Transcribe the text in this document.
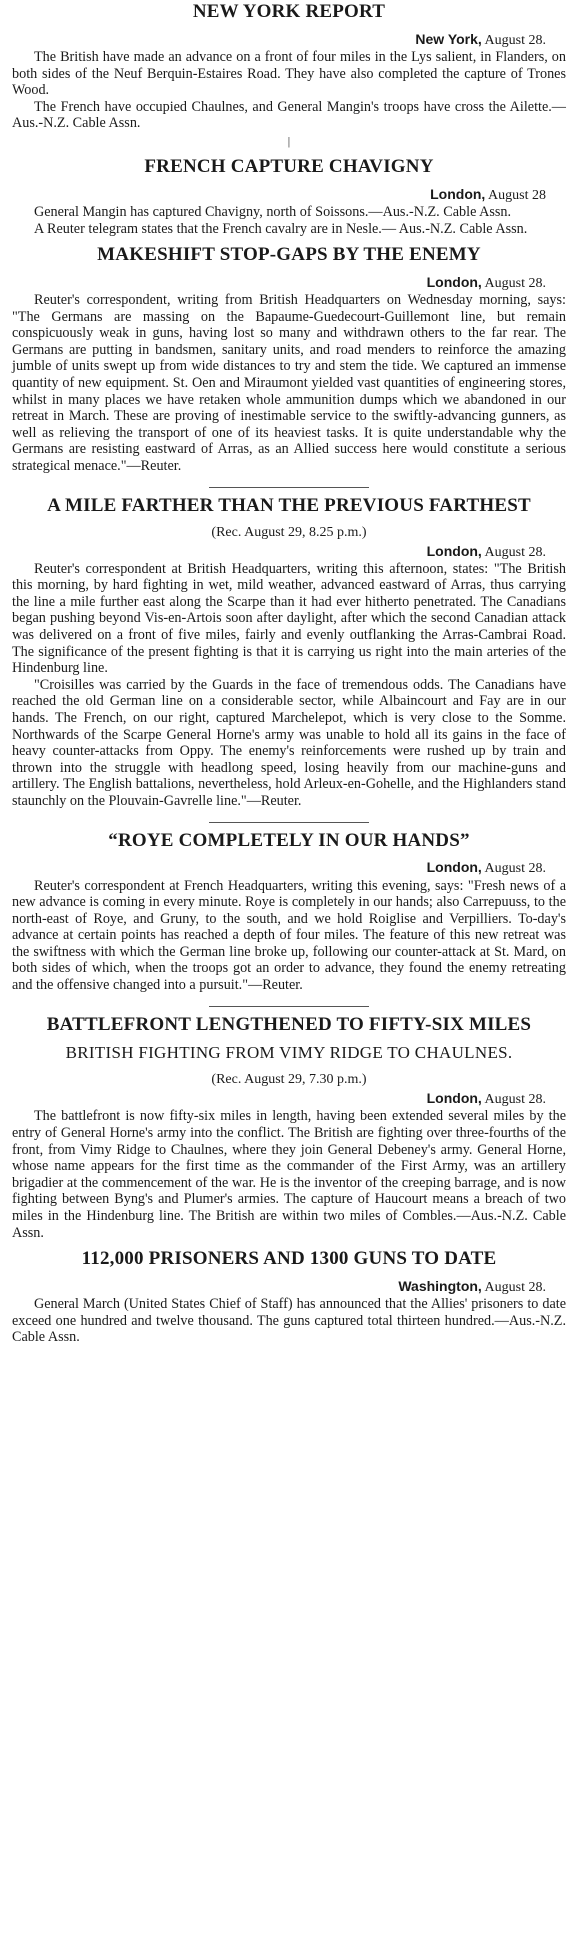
NEW YORK REPORT
New York, August 28.

The British have made an advance on a front of four miles in the Lys salient, in Flanders, on both sides of the Neuf Berquin-Estaires Road. They have also completed the capture of Trones Wood.

The French have occupied Chaulnes, and General Mangin's troops have cross the Ailette.—Aus.-N.Z. Cable Assn.

|
FRENCH CAPTURE CHAVIGNY
London, August 28

General Mangin has captured Chavigny, north of Soissons.—Aus.-N.Z. Cable Assn.

A Reuter telegram states that the French cavalry are in Nesle.— Aus.-N.Z. Cable Assn.

MAKESHIFT STOP-GAPS BY THE ENEMY
London, August 28.

Reuter's correspondent, writing from British Headquarters on Wednesday morning, says: "The Germans are massing on the Bapaume-Guedecourt-Guillemont line, but remain conspicuously weak in guns, having lost so many and withdrawn others to the far rear. The Germans are putting in bandsmen, sanitary units, and road menders to reinforce the amazing jumble of units swept up from wide distances to try and stem the tide. We captured an immense quantity of new equipment. St. Oen and Miraumont yielded vast quantities of engineering stores, whilst in many places we have retaken whole ammunition dumps which we abandoned in our retreat in March. These are proving of inestimable service to the swiftly-advancing gunners, as well as relieving the transport of one of its heaviest tasks. It is quite understandable why the Germans are resisting eastward of Arras, as an Allied success here would constitute a serious strategical menace."—Reuter.

A MILE FARTHER THAN THE PREVIOUS FARTHEST
(Rec. August 29, 8.25 p.m.)
London, August 28.

Reuter's correspondent at British Headquarters, writing this afternoon, states: "The British this morning, by hard fighting in wet, mild weather, advanced eastward of Arras, thus carrying the line a mile further east along the Scarpe than it had ever hitherto penetrated. The Canadians began pushing beyond Vis-en-Artois soon after daylight, after which the second Canadian attack was delivered on a front of five miles, fairly and evenly outflanking the Arras-Cambrai Road. The significance of the present fighting is that it is carrying us right into the main arteries of the Hindenburg line.

"Croisilles was carried by the Guards in the face of tremendous odds. The Canadians have reached the old German line on a considerable sector, while Albaincourt and Fay are in our hands. The French, on our right, captured Marchelepot, which is very close to the Somme. Northwards of the Scarpe General Horne's army was unable to hold all its gains in the face of heavy counter-attacks from Oppy. The enemy's reinforcements were rushed up by train and thrown into the struggle with headlong speed, losing heavily from our machine-guns and artillery. The English battalions, nevertheless, hold Arleux-en-Gohelle, and the Highlanders stand staunchly on the Plouvain-Gavrelle line."—Reuter.

“ROYE COMPLETELY IN OUR HANDS”
London, August 28.

Reuter's correspondent at French Headquarters, writing this evening, says: "Fresh news of a new advance is coming in every minute. Roye is completely in our hands; also Carrepuuss, to the north-east of Roye, and Gruny, to the south, and we hold Roiglise and Verpilliers. To-day's advance at certain points has reached a depth of four miles. The feature of this new retreat was the swiftness with which the German line broke up, following our counter-attack at St. Mard, on both sides of which, when the troops got an order to advance, they found the enemy retreating and the offensive changed into a pursuit."—Reuter.

BATTLEFRONT LENGTHENED TO FIFTY-SIX MILES
BRITISH FIGHTING FROM VIMY RIDGE TO CHAULNES.
(Rec. August 29, 7.30 p.m.)
London, August 28.

The battlefront is now fifty-six miles in length, having been extended several miles by the entry of General Horne's army into the conflict. The British are fighting over three-fourths of the front, from Vimy Ridge to Chaulnes, where they join General Debeney's army. General Horne, whose name appears for the first time as the commander of the First Army, was an artillery brigadier at the commencement of the war. He is the inventor of the creeping barrage, and is now fighting between Byng's and Plumer's armies. The capture of Haucourt means a breach of two miles in the Hindenburg line. The British are within two miles of Combles.—Aus.-N.Z. Cable Assn.

112,000 PRISONERS AND 1300 GUNS TO DATE
Washington, August 28.

General March (United States Chief of Staff) has announced that the Allies' prisoners to date exceed one hundred and twelve thousand. The guns captured total thirteen hundred.—Aus.-N.Z. Cable Assn.
